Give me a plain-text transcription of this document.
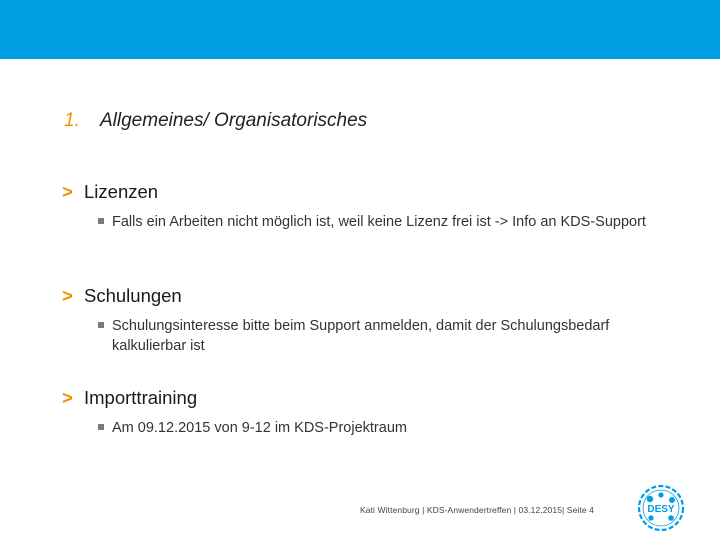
1. Allgemeines/ Organisatorisches
> Lizenzen
Falls ein Arbeiten nicht möglich ist, weil keine Lizenz frei ist -> Info an KDS-Support
> Schulungen
Schulungsinteresse bitte beim Support anmelden, damit der Schulungsbedarf kalkulierbar ist
> Importtraining
Am 09.12.2015 von 9-12 im KDS-Projektraum
Kati Wittenburg | KDS-Anwendertreffen | 03.12.2015| Seite 4	DESY
